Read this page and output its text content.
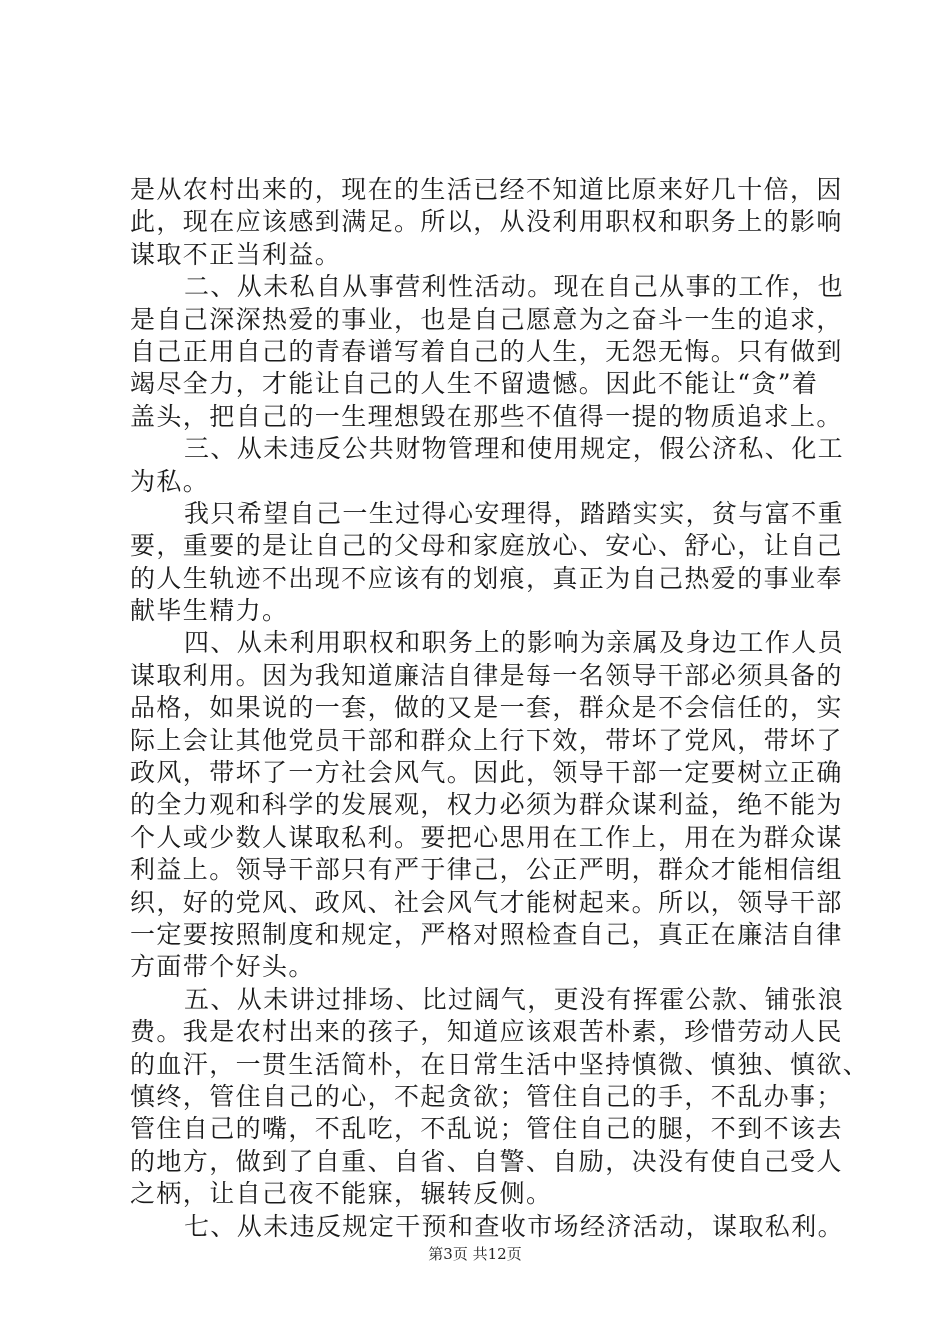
是从农村出来的，现在的生活已经不知道比原来好几十倍，因
此，现在应该感到满足。所以，从没利用职权和职务上的影响
谋取不正当利益。
二、从未私自从事营利性活动。现在自己从事的工作，也
是自己深深热爱的事业，也是自己愿意为之奋斗一生的追求，
自己正用自己的青春谱写着自己的人生，无怨无悔。只有做到
竭尽全力，才能让自己的人生不留遗憾。因此不能让“贪”着
盖头，把自己的一生理想毁在那些不值得一提的物质追求上。
三、从未违反公共财物管理和使用规定，假公济私、化工
为私。
我只希望自己一生过得心安理得，踏踏实实，贫与富不重
要，重要的是让自己的父母和家庭放心、安心、舒心，让自己
的人生轨迹不出现不应该有的划痕，真正为自己热爱的事业奉
献毕生精力。
四、从未利用职权和职务上的影响为亲属及身边工作人员
谋取利用。因为我知道廉洁自律是每一名领导干部必须具备的
品格，如果说的一套，做的又是一套，群众是不会信任的，实
际上会让其他党员干部和群众上行下效，带坏了党风，带坏了
政风，带坏了一方社会风气。因此，领导干部一定要树立正确
的全力观和科学的发展观，权力必须为群众谋利益，绝不能为
个人或少数人谋取私利。要把心思用在工作上，用在为群众谋
利益上。领导干部只有严于律己，公正严明，群众才能相信组
织，好的党风、政风、社会风气才能树起来。所以，领导干部
一定要按照制度和规定，严格对照检查自己，真正在廉洁自律
方面带个好头。
五、从未讲过排场、比过阔气，更没有挥霍公款、铺张浪
费。我是农村出来的孩子，知道应该艰苦朴素，珍惜劳动人民
的血汗，一贯生活简朴，在日常生活中坚持慎微、慎独、慎欲、
慎终，管住自己的心，不起贪欲；管住自己的手，不乱办事；
管住自己的嘴，不乱吃，不乱说；管住自己的腿，不到不该去
的地方，做到了自重、自省、自警、自励，决没有使自己受人
之柄，让自己夜不能寐，辗转反侧。
七、从未违反规定干预和查收市场经济活动，谋取私利。
第3页 共12页
